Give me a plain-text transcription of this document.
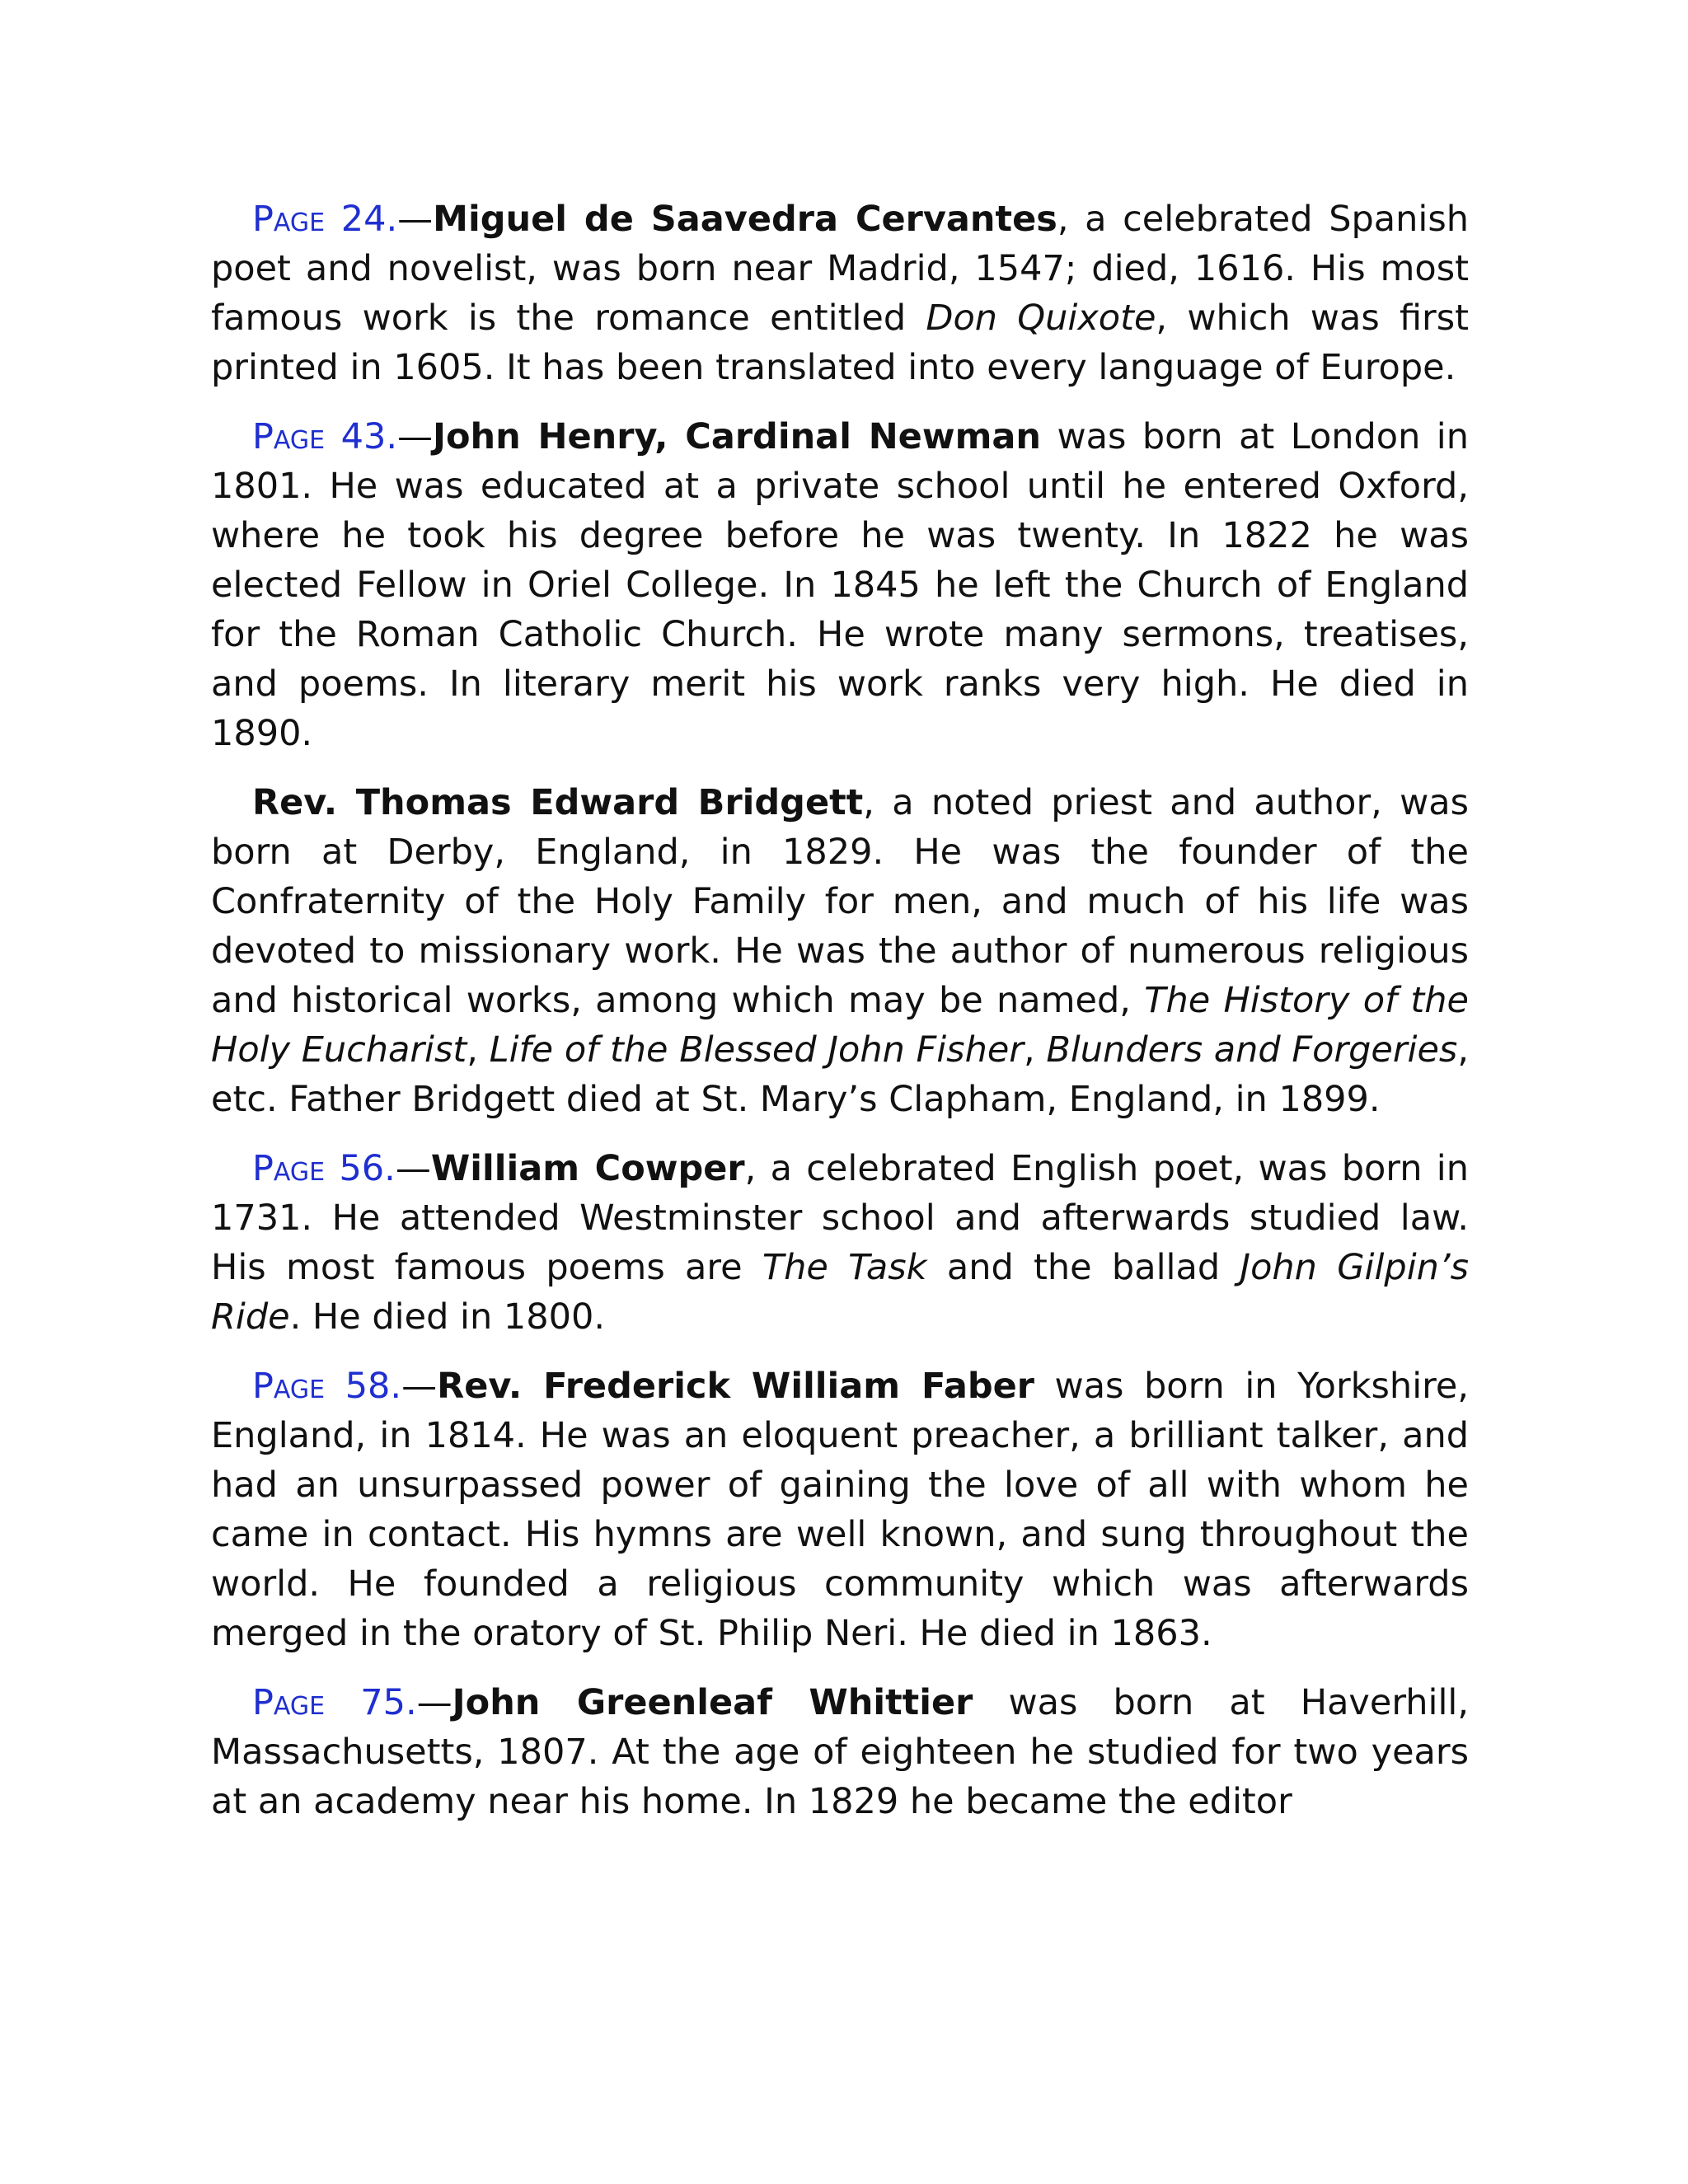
Page 24.—Miguel de Saavedra Cervantes, a celebrated Spanish poet and novelist, was born near Madrid, 1547; died, 1616. His most famous work is the romance entitled Don Quixote, which was first printed in 1605. It has been translated into every language of Europe.

Page 43.—John Henry, Cardinal Newman was born at London in 1801. He was educated at a private school until he entered Oxford, where he took his degree before he was twenty. In 1822 he was elected Fellow in Oriel College. In 1845 he left the Church of England for the Roman Catholic Church. He wrote many sermons, treatises, and poems. In literary merit his work ranks very high. He died in 1890.

Rev. Thomas Edward Bridgett, a noted priest and author, was born at Derby, England, in 1829. He was the founder of the Confraternity of the Holy Family for men, and much of his life was devoted to missionary work. He was the author of numerous religious and historical works, among which may be named, The History of the Holy Eucharist, Life of the Blessed John Fisher, Blunders and Forgeries, etc. Father Bridgett died at St. Mary’s Clapham, England, in 1899.

Page 56.—William Cowper, a celebrated English poet, was born in 1731. He attended Westminster school and afterwards studied law. His most famous poems are The Task and the ballad John Gilpin’s Ride. He died in 1800.

Page 58.—Rev. Frederick William Faber was born in Yorkshire, England, in 1814. He was an eloquent preacher, a brilliant talker, and had an unsurpassed power of gaining the love of all with whom he came in contact. His hymns are well known, and sung throughout the world. He founded a religious community which was afterwards merged in the oratory of St. Philip Neri. He died in 1863.

Page 75.—John Greenleaf Whittier was born at Haverhill, Massachusetts, 1807. At the age of eighteen he studied for two years at an academy near his home. In 1829 he became the editor
